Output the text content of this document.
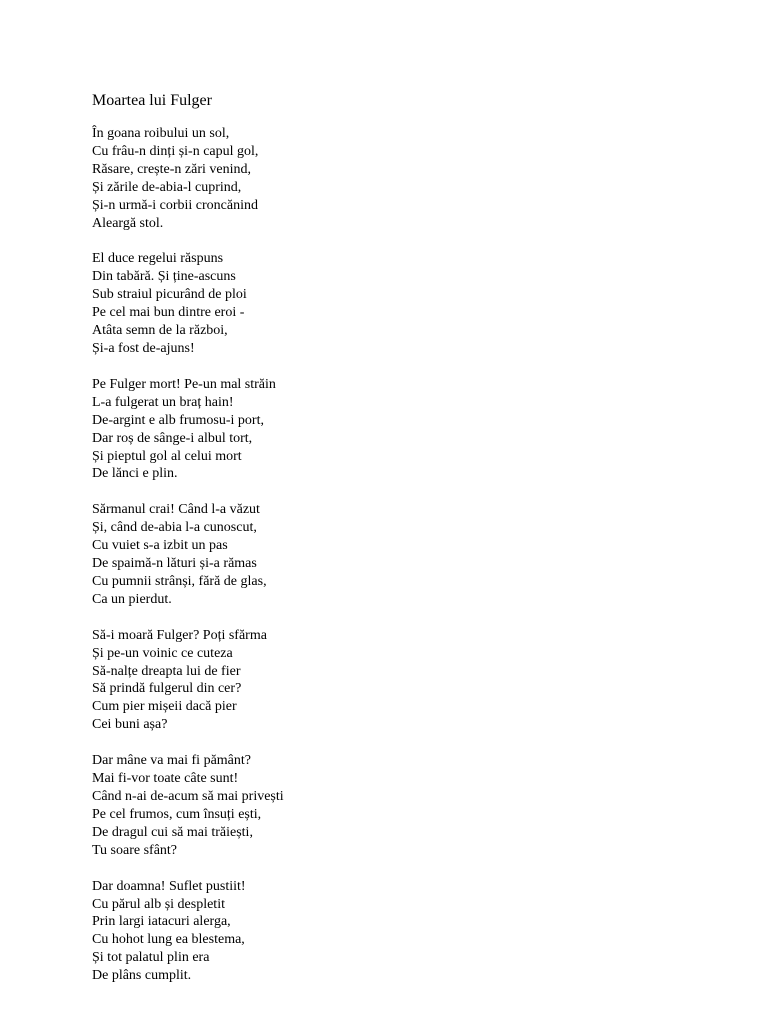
Moartea lui Fulger
În goana roibului un sol,
Cu frâu-n dinți și-n capul gol,
Răsare, crește-n zări venind,
Și zările de-abia-l cuprind,
Și-n urmă-i corbii croncănind
Aleargă stol.
El duce regelui răspuns
Din tabără. Și ține-ascuns
Sub straiul picurând de ploi
Pe cel mai bun dintre eroi -
Atâta semn de la război,
Și-a fost de-ajuns!
Pe Fulger mort! Pe-un mal străin
L-a fulgerat un braț hain!
De-argint e alb frumosu-i port,
Dar roș de sânge-i albul tort,
Și pieptul gol al celui mort
De lănci e plin.
Sărmanul crai! Când l-a văzut
Și, când de-abia l-a cunoscut,
Cu vuiet s-a izbit un pas
De spaimă-n lături și-a rămas
Cu pumnii strânși, fără de glas,
Ca un pierdut.
Să-i moară Fulger? Poți sfărma
Și pe-un voinic ce cuteza
Să-nalțe dreapta lui de fier
Să prindă fulgerul din cer?
Cum pier mișeii dacă pier
Cei buni așa?
Dar mâne va mai fi pământ?
Mai fi-vor toate câte sunt!
Când n-ai de-acum să mai privești
Pe cel frumos, cum însuți ești,
De dragul cui să mai trăiești,
Tu soare sfânt?
Dar doamna! Suflet pustiit!
Cu părul alb și despletit
Prin largi iatacuri alerga,
Cu hohot lung ea blestema,
Și tot palatul plin era
De plâns cumplit.
